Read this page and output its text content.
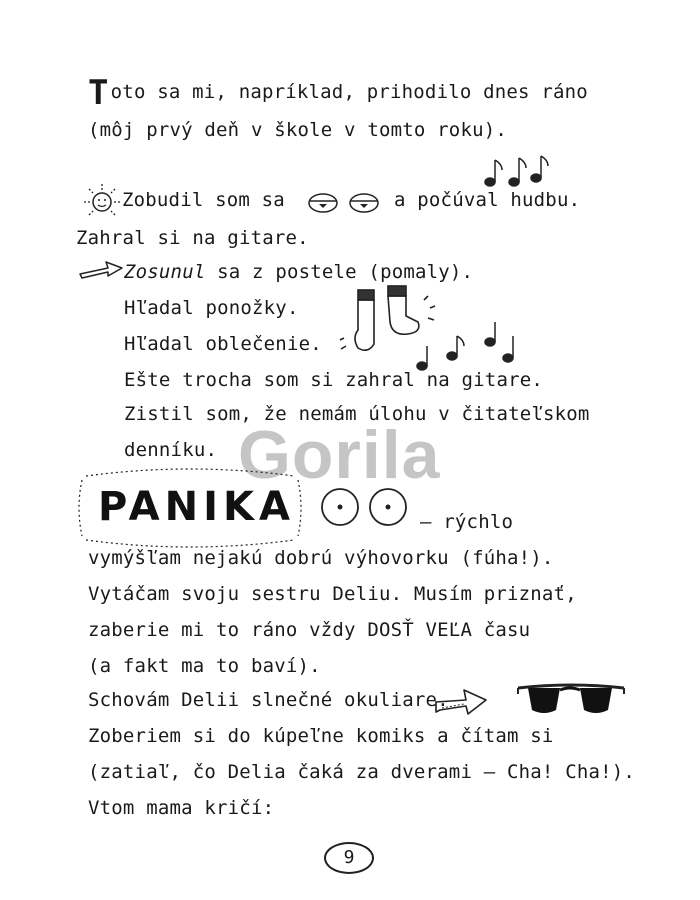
Toto sa mi, napríklad, prihodilo dnes ráno
(môj prvý deň v škole v tomto roku).
Zobudil som sa	a počúval hudbu.
Zahral si na gitare.
Zosunul sa z postele (pomaly).
Hľadal ponožky.
Hľadal oblečenie.
Ešte trocha som si zahral na gitare.
Zistil som, že nemám úlohu v čitateľskom
denníku. Gorila
PANIKA	– rýchlo
vymýšľam nejakú dobrú výhovorku (fúha!).
Vytáčam svoju sestru Deliu. Musím priznať,
zaberie mi to ráno vždy DOSŤ VEĽA času
(a fakt ma to baví).
Schovám Delii slnečné okuliare.
Zoberiem si do kúpeľne komiks a čítam si
(zatiaľ, čo Delia čaká za dverami – Cha! Cha!).
Vtom mama kričí:
9
